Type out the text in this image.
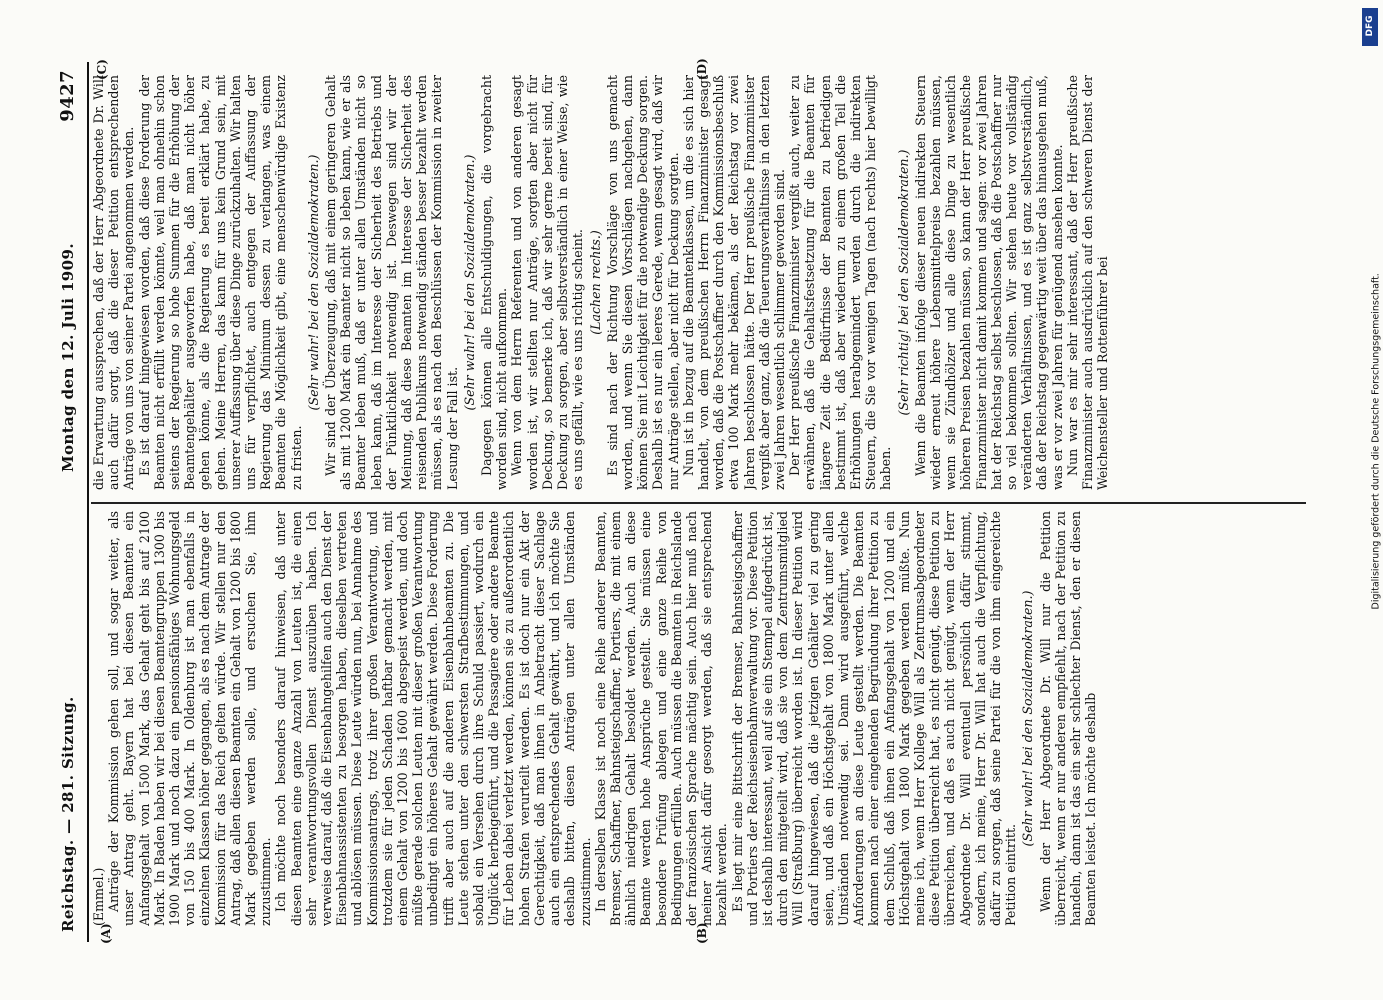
Reichstag. — 281. Sitzung.
Montag den 12. Juli 1909.
9427
(A)	(B)
(C)	(D)

(Emmel.) Anträge der Kommission gehen soll, und sogar weiter, als unser Antrag geht. Bayern hat bei diesen Beamten ein Anfangsgehalt von 1500 Mark, das Gehalt geht bis auf 2100 Mark. In Baden haben wir bei diesen Beamtengruppen 1300 bis 1900 Mark und noch dazu ein pensionsfähiges Wohnungsgeld von 150 bis 400 Mark. In Oldenburg ist man ebenfalls in einzelnen Klassen höher gegangen, als es nach dem Antrage der Kommission für das Reich gelten würde. Wir stellen nur den Antrag, daß allen diesen Beamten ein Gehalt von 1200 bis 1800 Mark gegeben werden solle, und ersuchen Sie, ihm zuzustimmen. Ich möchte noch besonders darauf hinweisen, daß unter diesen Beamten eine ganze Anzahl von Leuten ist, die einen sehr verantwortungsvollen Dienst auszuüben haben. Ich verweise darauf, daß die Eisenbahngehilfen auch den Dienst der Eisenbahnassistenten zu besorgen haben, dieselben vertreten und ablösen müssen. Diese Leute würden nun, bei Annahme des Kommissionsantrags, trotz ihrer großen Verantwortung, und trotzdem sie für jeden Schaden haftbar gemacht werden, mit einem Gehalt von 1200 bis 1600 abgespeist werden, und doch müßte gerade solchen Leuten mit dieser großen Verantwortung unbedingt ein höheres Gehalt gewährt werden. Diese Forderung trifft aber auch auf die anderen Eisenbahnbeamten zu. Die Leute stehen unter den schwersten Strafbestimmungen, und sobald ein Versehen durch ihre Schuld passiert, wodurch ein Unglück herbeigeführt, und die Passagiere oder andere Beamte für Leben dabei verletzt werden, können sie zu außerordentlich hohen Strafen verurteilt werden. Es ist doch nur ein Akt der Gerechtigkeit, daß man ihnen in Anbetracht dieser Sachlage auch ein entsprechendes Gehalt gewährt, und ich möchte Sie deshalb bitten, diesen Anträgen unter allen Umständen zuzustimmen. In derselben Klasse ist noch eine Reihe anderer Beamten, Bremser, Schaffner, Bahnsteigschaffner, Portiers, die mit einem ähnlich niedrigen Gehalt besoldet werden. Auch an diese Beamte werden hohe Ansprüche gestellt. Sie müssen eine besondere Prüfung ablegen und eine ganze Reihe von Bedingungen erfüllen. Auch müssen die Beamten in Reichslande der französischen Sprache mächtig sein. Auch hier muß nach meiner Ansicht dafür gesorgt werden, daß sie entsprechend bezahlt werden. Es liegt mir eine Bittschrift der Bremser, Bahnsteigschaffner und Portiers der Reichseisenbahnverwaltung vor. Diese Petition ist deshalb interessant, weil auf sie ein Stempel aufgedrückt ist, durch den mitgeteilt wird, daß sie von dem Zentrumsmitglied Will (Straßburg) überreicht worden ist. In dieser Petition wird darauf hingewiesen, daß die jetzigen Gehälter viel zu gering seien, und daß ein Höchstgehalt von 1800 Mark unter allen Umständen notwendig sei. Dann wird ausgeführt, welche Anforderungen an diese Leute gestellt werden. Die Beamten kommen nach einer eingehenden Begründung ihrer Petition zu dem Schluß, daß ihnen ein Anfangsgehalt von 1200 und ein Höchstgehalt von 1800 Mark gegeben werden müßte. Nun meine ich, wenn Herr Kollege Will als Zentrumsabgeordneter diese Petition überreicht hat, es nicht genügt, diese Petition zu überreichen, und daß es auch nicht genügt, wenn der Herr Abgeordnete Dr. Will eventuell persönlich dafür stimmt, sondern, ich meine, Herr Dr. Will hat auch die Verpflichtung, dafür zu sorgen, daß seine Partei für die von ihm eingereichte Petition eintritt.

(Sehr wahr! bei den Sozialdemokraten.) Wenn der Herr Abgeordnete Dr. Will nur die Petition überreicht, wenn er nur anderen empfiehlt, nach der Petition zu handeln, dann ist das ein sehr schlechter Dienst, den er diesen Beamten leistet. Ich möchte deshalb

die Erwartung aussprechen, daß der Herr Abgeordnete Dr. Will auch dafür sorgt, daß die dieser Petition entsprechenden Anträge von uns von seiner Partei angenommen werden. Es ist darauf hingewiesen worden, daß diese Forderung der Beamten nicht erfüllt werden könnte, weil man ohnehin schon seitens der Regierung so hohe Summen für die Erhöhung der Beamtengehälter ausgeworfen habe, daß man nicht höher gehen könne, als die Regierung es bereit erklärt habe, zu gehen. Meine Herren, das kann für uns kein Grund sein, mit unserer Auffassung über diese Dinge zurückzuhalten. Wir halten uns für verpflichtet, auch entgegen der Auffassung der Regierung das Minimum dessen zu verlangen, was einem Beamten die Möglichkeit gibt, eine menschenwürdige Existenz zu fristen.

(Sehr wahr! bei den Sozialdemokraten.) Wir sind der Überzeugung, daß mit einem geringeren Gehalt als mit 1200 Mark ein Beamter nicht so leben kann, wie er als Beamter leben muß, daß er unter allen Umständen nicht so leben kann, daß im Interesse der Sicherheit des Betriebs und der Pünktlichkeit notwendig ist. Deswegen sind wir der Meinung, daß diese Beamten im Interesse der Sicherheit des reisenden Publikums notwendig ständen besser bezahlt werden müssen, als es nach den Beschlüssen der Kommission in zweiter Lesung der Fall ist.

(Sehr wahr! bei den Sozialdemokraten.) Dagegen können alle Entschuldigungen, die vorgebracht worden sind, nicht aufkommen. Wenn von dem Herrn Referenten und von anderen gesagt worden ist, wir stellten nur Anträge, sorgten aber nicht für Deckung, so bemerke ich, daß wir sehr gerne bereit sind, für Deckung zu sorgen, aber selbstverständlich in einer Weise, wie es uns gefällt, wie es uns richtig scheint. (Lachen rechts.) Es sind nach der Richtung Vorschläge von uns gemacht worden, und wenn Sie diesen Vorschlägen nachgehen, dann können Sie mit Leichtigkeit für die notwendige Deckung sorgen. Deshalb ist es nur ein leeres Gerede, wenn gesagt wird, daß wir nur Anträge stellen, aber nicht für Deckung sorgten. Nun ist in bezug auf die Beamtenklassen, um die es sich hier handelt, von dem preußischen Herrn Finanzminister gesagt worden, daß die Postschaffner durch den Kommissionsbeschluß etwa 100 Mark mehr bekämen, als der Reichstag vor zwei Jahren beschlossen hätte. Der Herr preußische Finanzminister vergißt aber ganz, daß die Teuerungsverhältnisse in den letzten zwei Jahren wesentlich schlimmer geworden sind. Der Herr preußische Finanzminister vergißt auch, weiter zu erwähnen, daß die Gehaltsfestsetzung für die Beamten für längere Zeit die Bedürfnisse der Beamten zu befriedigen bestimmt ist, daß aber wiederum zu einem großen Teil die Erhöhungen herabgemindert werden durch die indirekten Steuern, die Sie vor wenigen Tagen (nach rechts) hier bewilligt haben.

(Sehr richtig! bei den Sozialdemokraten.) Wenn die Beamten infolge dieser neuen indirekten Steuern wieder erneut höhere Lebensmittelpreise bezahlen müssen, wenn sie Zündhölzer und alle diese Dinge zu wesentlich höheren Preisen bezahlen müssen, so kann der Herr preußische Finanzminister nicht damit kommen und sagen: vor zwei Jahren hat der Reichstag selbst beschlossen, daß die Postschaffner nur so viel bekommen sollten. Wir stehen heute vor vollständig veränderten Verhältnissen, und es ist ganz selbstverständlich, daß der Reichstag gegenwärtig weit über das hinausgehen muß, was er vor zwei Jahren für genügend ansehen konnte. Nun war es mir sehr interessant, daß der Herr preußische Finanzminister auch ausdrücklich auf den schweren Dienst der Weichensteller und Rottenführer bei

DFG
Digitalisierung gefördert durch die Deutsche Forschungsgemeinschaft.
